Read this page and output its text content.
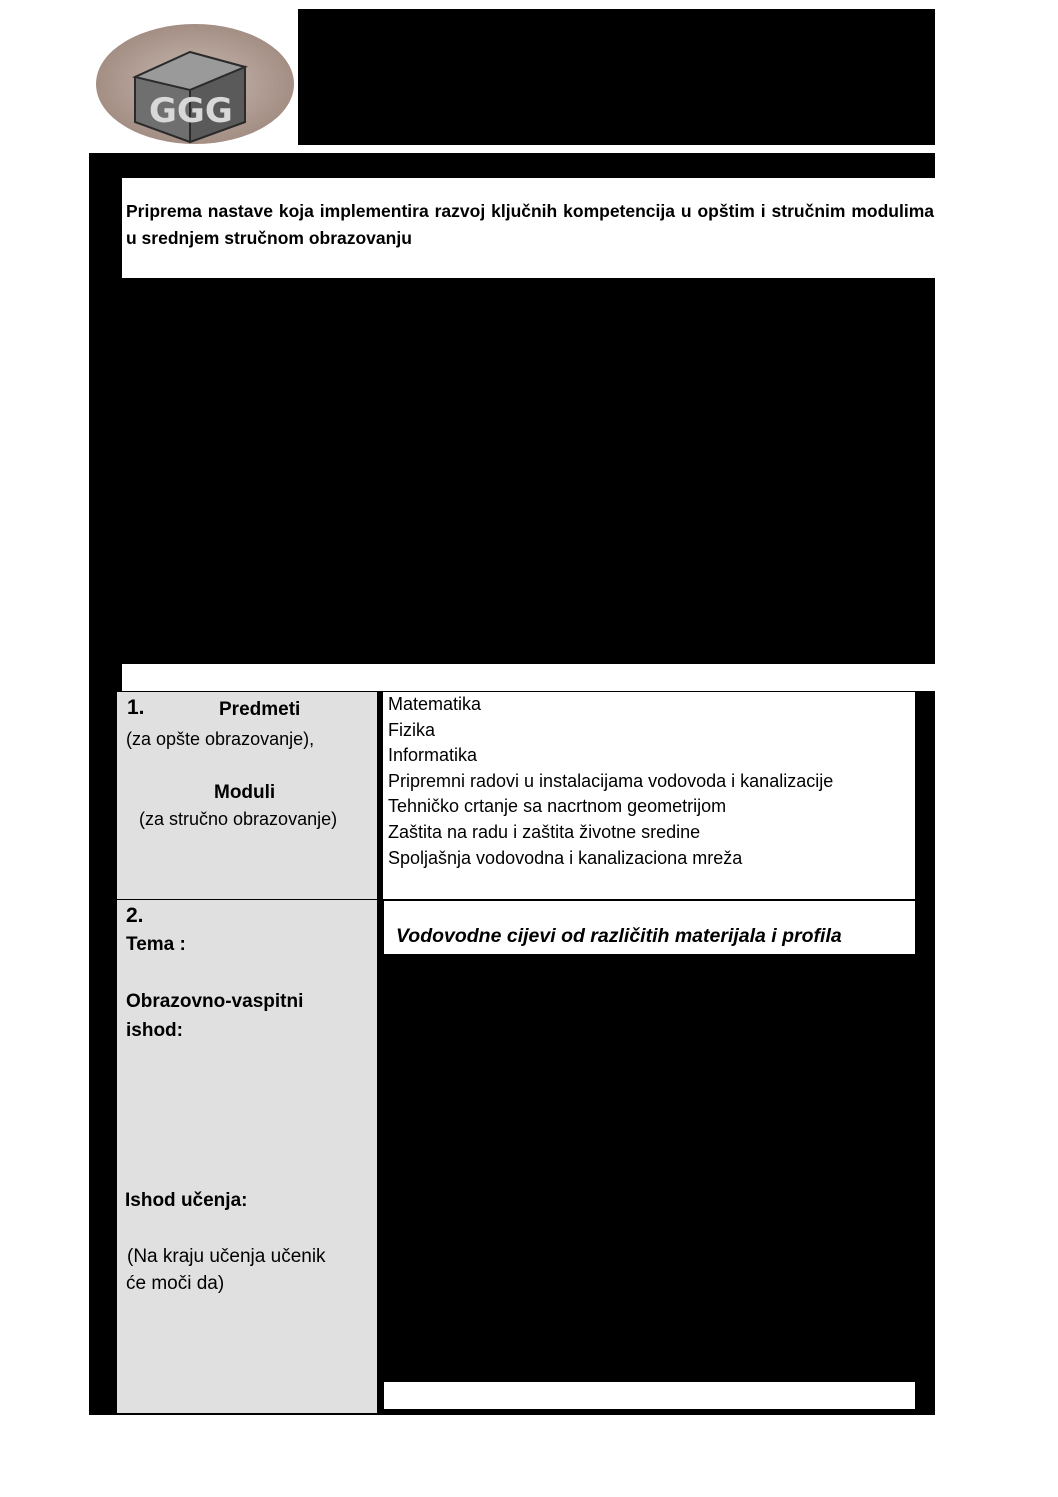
GGG
Priprema nastave koja implementira razvoj ključnih kompetencija u opštim i stručnim modulima u srednjem stručnom obrazovanju
1.	Predmeti
(za opšte obrazovanje),
Moduli
(za stručno obrazovanje)
Matematika
Fizika
Informatika
Pripremni radovi u instalacijama vodovoda i kanalizacije
Tehničko crtanje sa nacrtnom geometrijom
Zaštita na radu i zaštita životne sredine
Spoljašnja vodovodna i kanalizaciona mreža
2.
Tema :
Obrazovno-vaspitni
ishod:
Ishod učenja:
(Na kraju učenja učenik
će moči da)
Vodovodne cijevi od različitih materijala i profila
